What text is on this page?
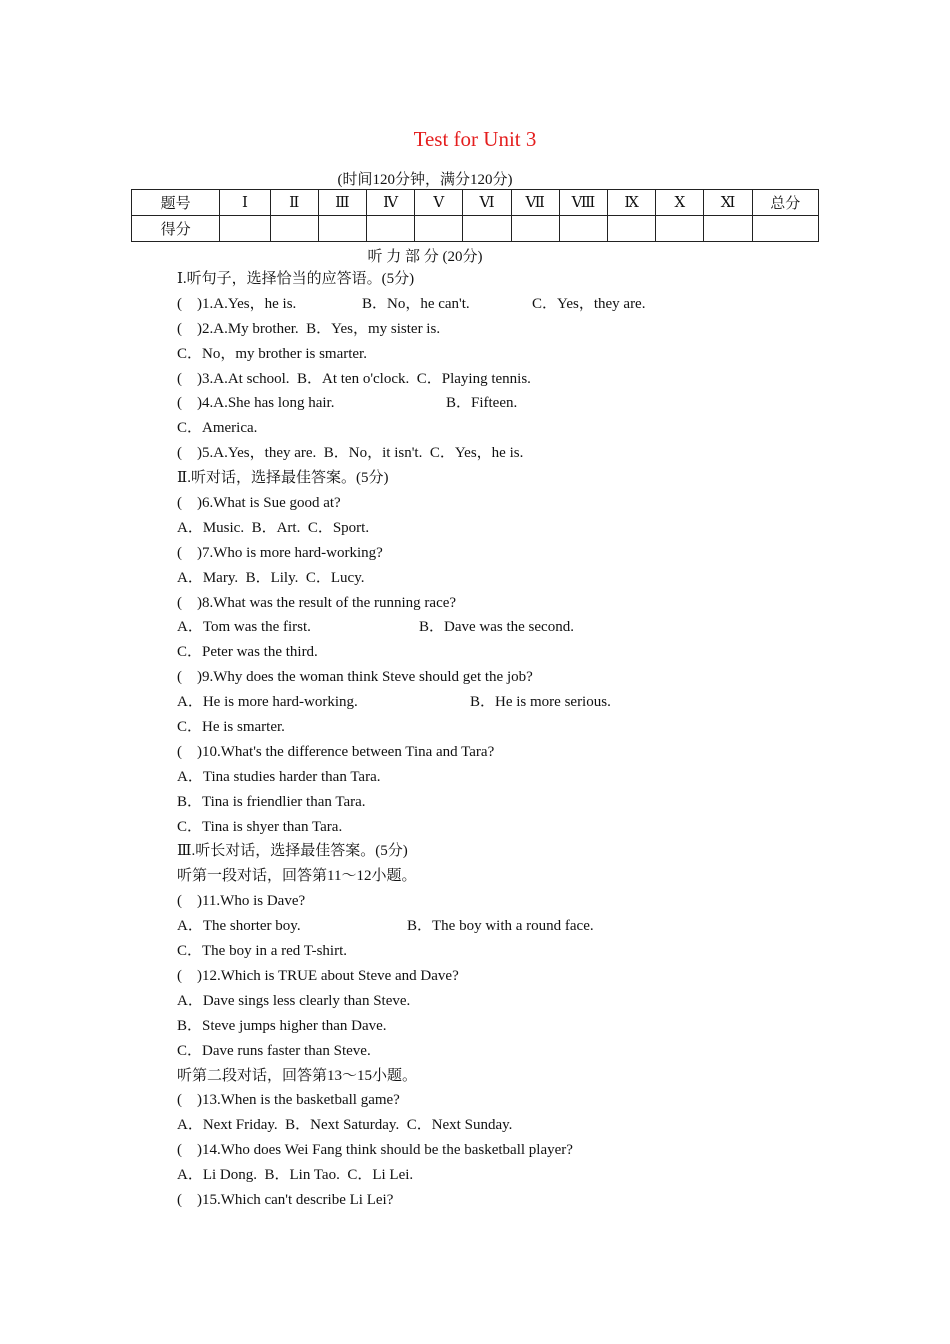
Test for Unit 3
(时间120分钟，满分120分)
题号	Ⅰ	Ⅱ	Ⅲ	Ⅳ	Ⅴ	Ⅵ	Ⅶ	Ⅷ	Ⅸ	Ⅹ	Ⅺ	总分
得分												
听 力 部 分 (20分)
Ⅰ.听句子，选择恰当的应答语。(5分)
(　)1.A.Yes，he is.	B．No，he can't.	C．Yes，they are.
(　)2.A.My brother.  B．Yes，my sister is.
C．No，my brother is smarter.
(　)3.A.At school.  B．At ten o'clock.  C．Playing tennis.
(　)4.A.She has long hair.	B．Fifteen.
C．America.
(　)5.A.Yes，they are.  B．No，it isn't.  C．Yes，he is.
Ⅱ.听对话，选择最佳答案。(5分)
(　)6.What is Sue good at?
A．Music.  B．Art.  C．Sport.
(　)7.Who is more hard-working?
A．Mary.  B．Lily.  C．Lucy.
(　)8.What was the result of the running race?
A．Tom was the first.	B．Dave was the second.
C．Peter was the third.
(　)9.Why does the woman think Steve should get the job?
A．He is more hard-working.	B．He is more serious.
C．He is smarter.
(　)10.What's the difference between Tina and Tara?
A．Tina studies harder than Tara.
B．Tina is friendlier than Tara.
C．Tina is shyer than Tara.
Ⅲ.听长对话，选择最佳答案。(5分)
听第一段对话，回答第11～12小题。
(　)11.Who is Dave?
A．The shorter boy.	B．The boy with a round face.
C．The boy in a red T-shirt.
(　)12.Which is TRUE about Steve and Dave?
A．Dave sings less clearly than Steve.
B．Steve jumps higher than Dave.
C．Dave runs faster than Steve.
听第二段对话，回答第13～15小题。
(　)13.When is the basketball game?
A．Next Friday.  B．Next Saturday.  C．Next Sunday.
(　)14.Who does Wei Fang think should be the basketball player?
A．Li Dong.  B．Lin Tao.  C．Li Lei.
(　)15.Which can't describe Li Lei?
